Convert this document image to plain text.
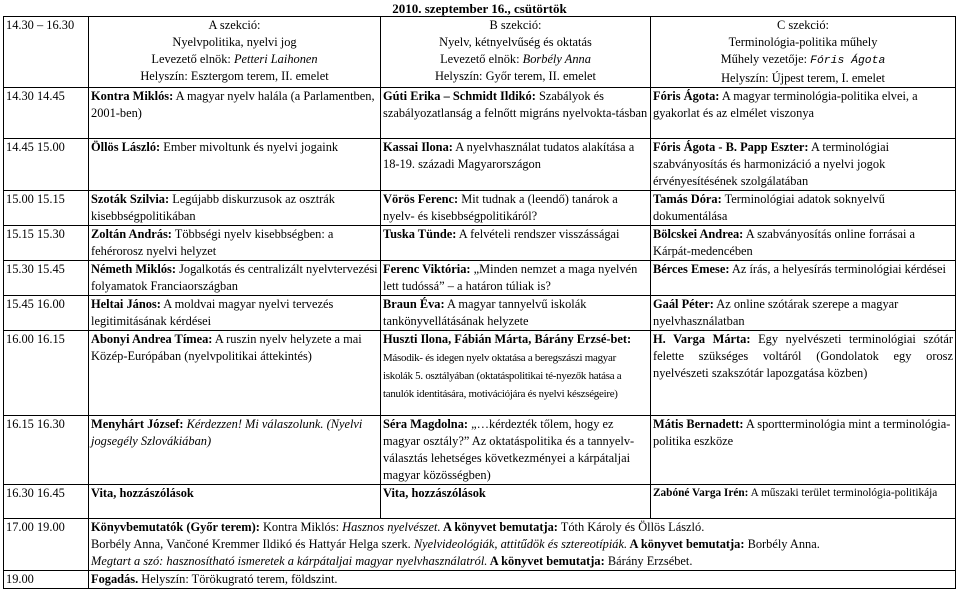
2010. szeptember 16., csütörtök
14.30 – 16.30	A szekció:
Nyelvpolitika, nyelvi jog
Levezető elnök: Petteri Laihonen
Helyszín: Esztergom terem, II. emelet	B szekció:
Nyelv, kétnyelvűség és oktatás
Levezető elnök: Borbély Anna
Helyszín: Győr terem, II. emelet	C szekció:
Terminológia-politika műhely
Műhely vezetője: Fóris Ágota
Helyszín: Újpest terem, I. emelet

14.30 14.45	Kontra Miklós: A magyar nyelv halála (a Parlamentben, 2001-ben)	Gúti Erika – Schmidt Ildikó: Szabályok és szabályozatlanság a felnőtt migráns nyelvokta-tásban	Fóris Ágota: A magyar terminológia-politika elvei, a gyakorlat és az elmélet viszonya
14.45 15.00	Öllös László: Ember mivoltunk és nyelvi jogaink	Kassai Ilona: A nyelvhasználat tudatos alakítása a 18-19. századi Magyarországon	Fóris Ágota - B. Papp Eszter: A terminológiai szabványosítás és harmonizáció a nyelvi jogok érvényesítésének szolgálatában
15.00 15.15	Szoták Szilvia: Legújabb diskurzusok az osztrák kisebbségpolitikában	Vörös Ferenc: Mit tudnak a (leendő) tanárok a nyelv- és kisebbségpolitikáról?	Tamás Dóra: Terminológiai adatok soknyelvű dokumentálása
15.15 15.30	Zoltán András: Többségi nyelv kisebbségben: a fehérorosz nyelvi helyzet	Tuska Tünde: A felvételi rendszer visszásságai	Bölcskei Andrea: A szabványosítás online forrásai a Kárpát-medencében
15.30 15.45	Németh Miklós: Jogalkotás és centralizált nyelvtervezési folyamatok Franciaországban	Ferenc Viktória: „Minden nemzet a maga nyelvén lett tudóssá” – a határon túliak is?	Bérces Emese: Az írás, a helyesírás terminológiai kérdései
15.45 16.00	Heltai János: A moldvai magyar nyelvi tervezés legitimitásának kérdései	Braun Éva: A magyar tannyelvű iskolák tankönyvellátásának helyzete	Gaál Péter: Az online szótárak szerepe a magyar nyelvhasználatban
16.00 16.15	Abonyi Andrea Tímea: A ruszin nyelv helyzete a mai Közép-Európában (nyelvpolitikai áttekintés)	Huszti Ilona, Fábián Márta, Bárány Erzsé-bet: Második- és idegen nyelv oktatása a beregszászi magyar iskolák 5. osztályában (oktatáspolitikai té-nyezők hatása a tanulók identitására, motivációjára és nyelvi készségeire)	H. Varga Márta: Egy nyelvészeti terminológiai szótár felette szükséges voltáról (Gondolatok egy orosz nyelvészeti szakszótár lapozgatása közben)
16.15 16.30	Menyhárt József: Kérdezzen! Mi válaszolunk. (Nyelvi jogsegély Szlovákiában)	Séra Magdolna: „…kérdezték tőlem, hogy ez magyar osztály?” Az oktatáspolitika és a tannyelv-választás lehetséges következményei a kárpátaljai magyar közösségben)	Mátis Bernadett: A sportterminológia mint a terminológia-politika eszköze
16.30 16.45	Vita, hozzászólások	Vita, hozzászólások	Zabóné Varga Irén: A műszaki terület terminológia-politikája
17.00 19.00	Könyvbemutatók (Győr terem): Kontra Miklós: Hasznos nyelvészet. A könyvet bemutatja: Tóth Károly és Öllös László.
Borbély Anna, Vančoné Kremmer Ildikó és Hattyár Helga szerk. Nyelvideológiák, attitűdök és sztereotípiák. A könyvet bemutatja: Borbély Anna.
Megtart a szó: hasznosítható ismeretek a kárpátaljai magyar nyelvhasználatról. A könyvet bemutatja: Bárány Erzsébet.		

19.00	Fogadás. Helyszín: Törökugrató terem, földszint.		
